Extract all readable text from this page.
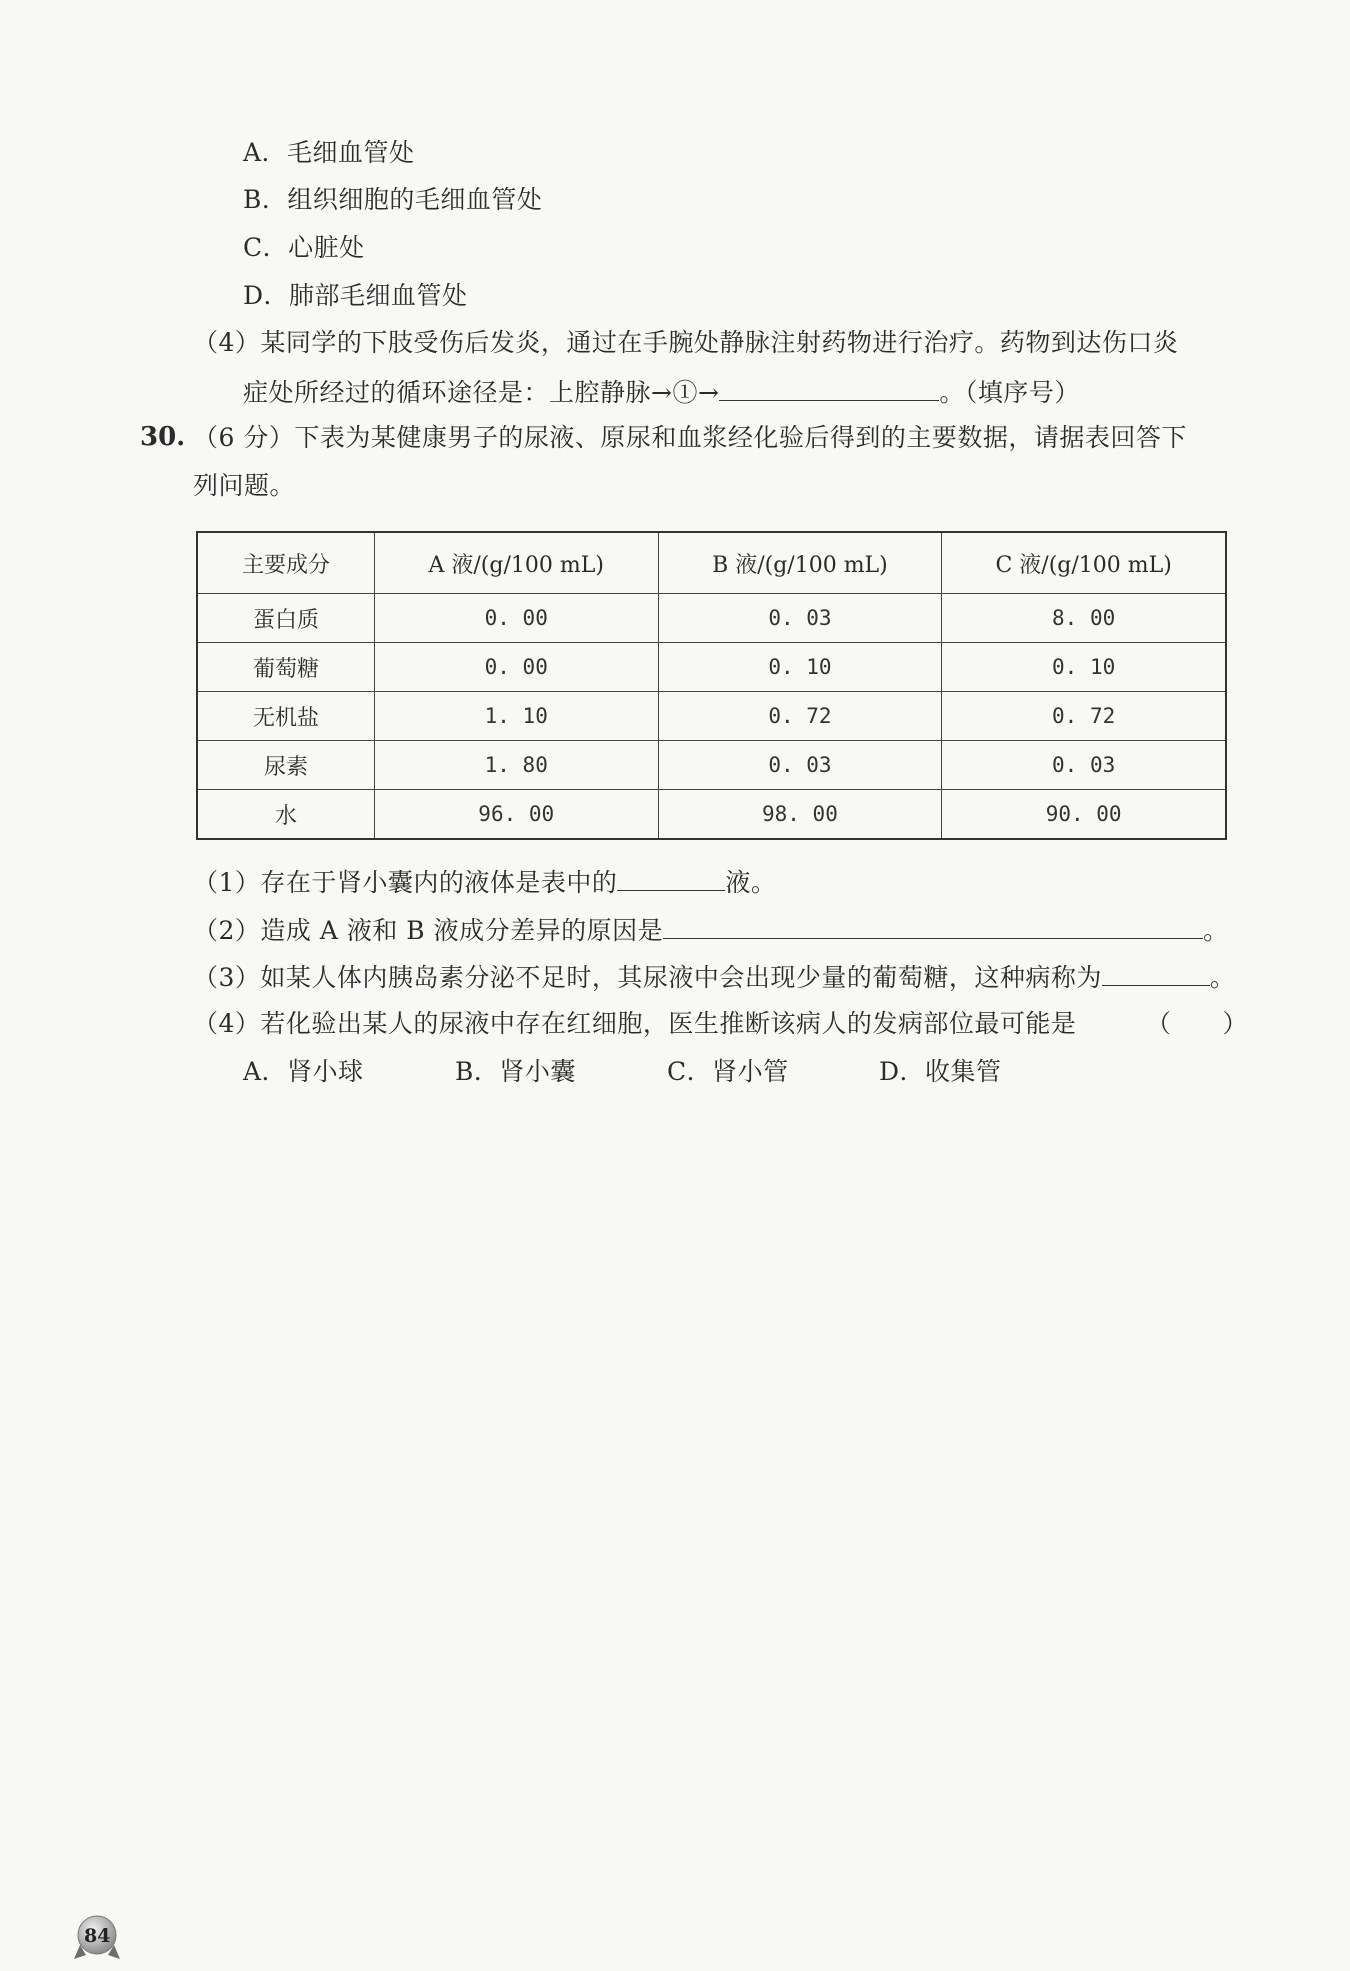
A．毛细血管处
B．组织细胞的毛细血管处
C．心脏处
D．肺部毛细血管处
（4）某同学的下肢受伤后发炎，通过在手腕处静脉注射药物进行治疗。药物到达伤口炎
症处所经过的循环途径是：上腔静脉→①→	。（填序号）
30. （6 分）下表为某健康男子的尿液、原尿和血浆经化验后得到的主要数据，请据表回答下
列问题。
主要成分	A 液/(g/100 mL)	B 液/(g/100 mL)	C 液/(g/100 mL)
蛋白质	0. 00	0. 03	8. 00
葡萄糖	0. 00	0. 10	0. 10
无机盐	1. 10	0. 72	0. 72
尿素	1. 80	0. 03	0. 03
水	96. 00	98. 00	90. 00
（1）存在于肾小囊内的液体是表中的	液。
（2）造成 A 液和 B 液成分差异的原因是	。
（3）如某人体内胰岛素分泌不足时，其尿液中会出现少量的葡萄糖，这种病称为	。
（4）若化验出某人的尿液中存在红细胞，医生推断该病人的发病部位最可能是	（　　）
A．肾小球	B．肾小囊	C．肾小管	D．收集管
84
